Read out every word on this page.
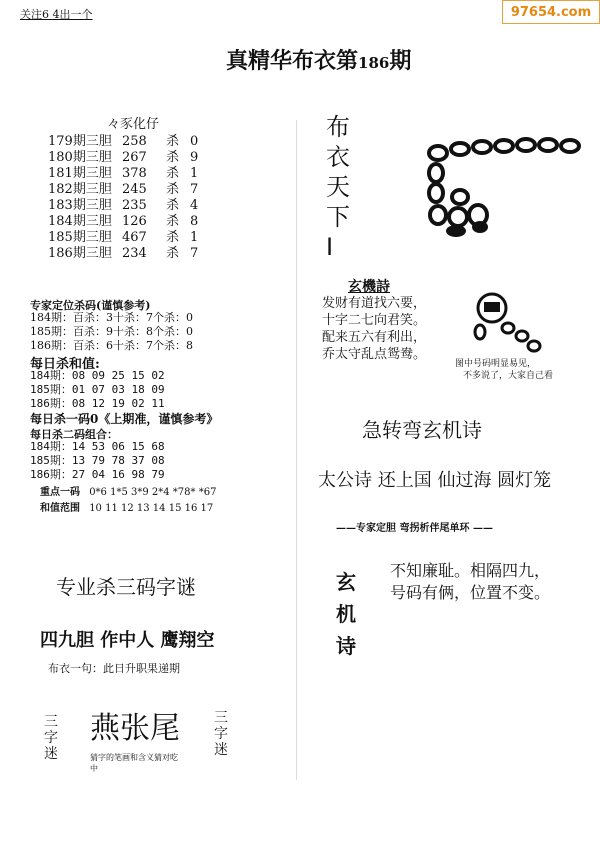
关注6 4出一个	97654.com
真精华布衣第186期
々豕化仔
179期三胆 258	杀 0
180期三胆 267	杀 9
181期三胆 378	杀 1
182期三胆 245	杀 7
183期三胆 235	杀 4
184期三胆 126	杀 8
185期三胆 467	杀 1
186期三胆 234	杀 7
专家定位杀码(谨慎参考)
184期：百杀：3十杀：7个杀：0
185期：百杀：9十杀：8个杀：0
186期：百杀：6十杀：7个杀：8
每日杀和值:
184期：08 09 25 15 02
185期：01 07 03 18 09
186期：08 12 19 02 11
每日杀一码0《上期准，谨慎参考》
每日杀二码组合：
184期：14 53 06 15 68
185期：13 79 78 37 08
186期：27 04 16 98 79
重点一码 0*6 1*5 3*9 2*4 *78* *67
和值范围 10 11 12 13 14 15 16 17
专业杀三码字谜
四九胆 作中人 鹰翔空
布衣一句：此日升职果递期
燕张尾
猜字的笔画和含义猜对吃中
三
字
迷
三
字
迷
布
衣
天
下
I
玄機詩
发财有道找六要，
十字二七向君笑。
配来五六有利出，
乔太守乱点鸳鸯。
图中号码明显易见，
不多说了，大家自己看
急转弯玄机诗
太公诗 还上国 仙过海 圆灯笼
——专家定胆 弯拐析伴尾单环 ——
玄
机
诗
不知廉耻。相隔四九，
号码有俩，位置不变。
